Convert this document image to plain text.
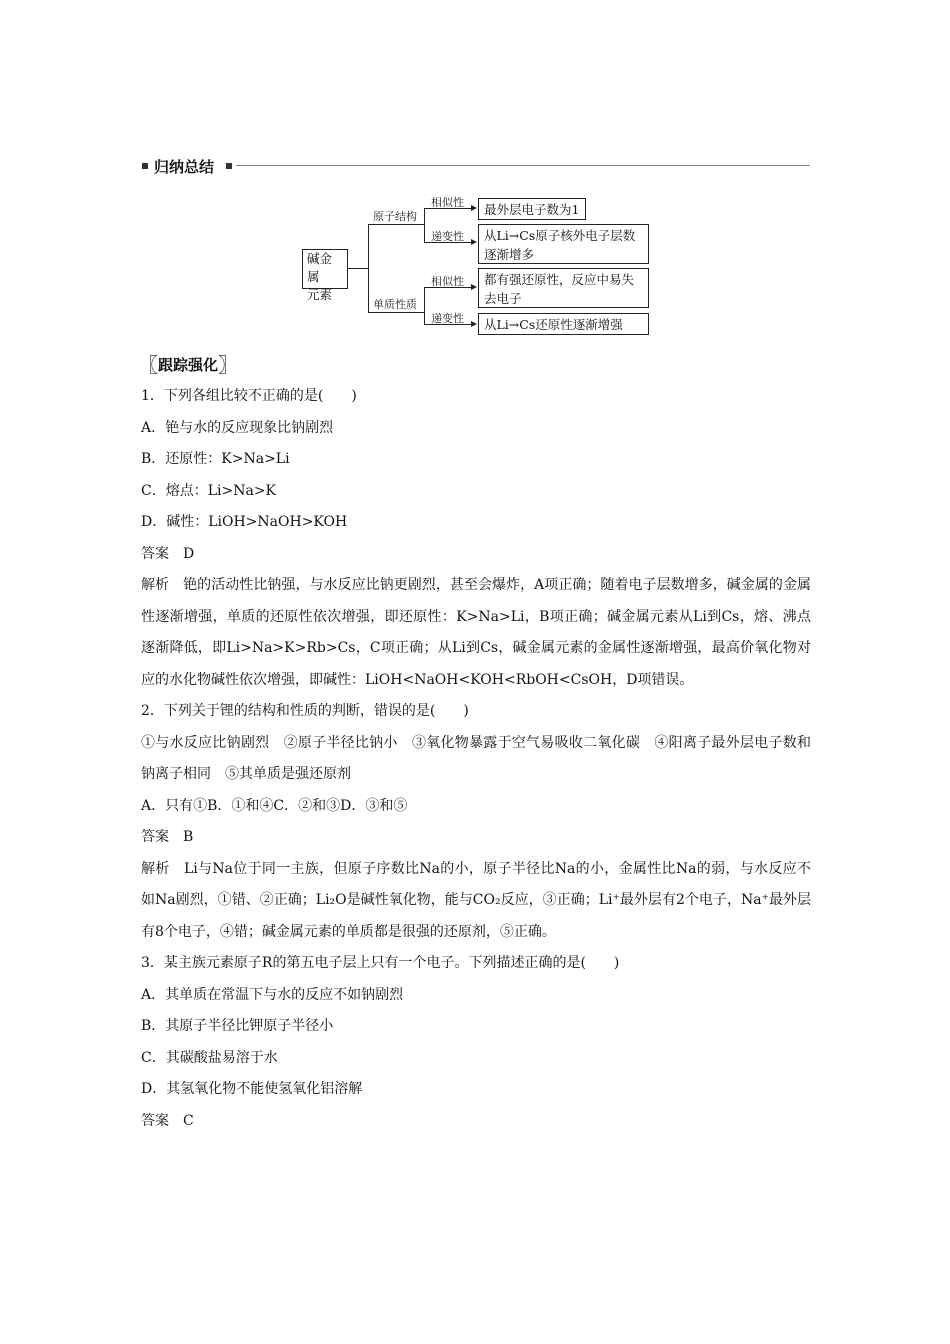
归纳总结
碱金属
元素
原子结构
单质性质
相似性
递变性
最外层电子数为1
从Li→Cs原子核外电子层数逐渐增多
相似性
递变性
都有强还原性，反应中易失去电子
从Li→Cs还原性逐渐增强
〖跟踪强化〗
1．下列各组比较不正确的是(　　)
A．铯与水的反应现象比钠剧烈
B．还原性：K>Na>Li
C．熔点：Li>Na>K
D．碱性：LiOH>NaOH>KOH
答案　D
解析　铯的活动性比钠强，与水反应比钠更剧烈，甚至会爆炸，A项正确；随着电子层数增多，碱金属的金属性逐渐增强，单质的还原性依次增强，即还原性：K>Na>Li，B项正确；碱金属元素从Li到Cs，熔、沸点逐渐降低，即Li>Na>K>Rb>Cs，C项正确；从Li到Cs，碱金属元素的金属性逐渐增强，最高价氧化物对应的水化物碱性依次增强，即碱性：LiOH<NaOH<KOH<RbOH<CsOH，D项错误。
2．下列关于锂的结构和性质的判断，错误的是(　　)
①与水反应比钠剧烈　②原子半径比钠小　③氧化物暴露于空气易吸收二氧化碳　④阳离子最外层电子数和钠离子相同　⑤其单质是强还原剂
A．只有①B．①和④C．②和③D．③和⑤
答案　B
解析　Li与Na位于同一主族，但原子序数比Na的小，原子半径比Na的小，金属性比Na的弱，与水反应不如Na剧烈，①错、②正确；Li₂O是碱性氧化物，能与CO₂反应，③正确；Li⁺最外层有2个电子，Na⁺最外层有8个电子，④错；碱金属元素的单质都是很强的还原剂，⑤正确。
3．某主族元素原子R的第五电子层上只有一个电子。下列描述正确的是(　　)
A．其单质在常温下与水的反应不如钠剧烈
B．其原子半径比钾原子半径小
C．其碳酸盐易溶于水
D．其氢氧化物不能使氢氧化铝溶解
答案　C
